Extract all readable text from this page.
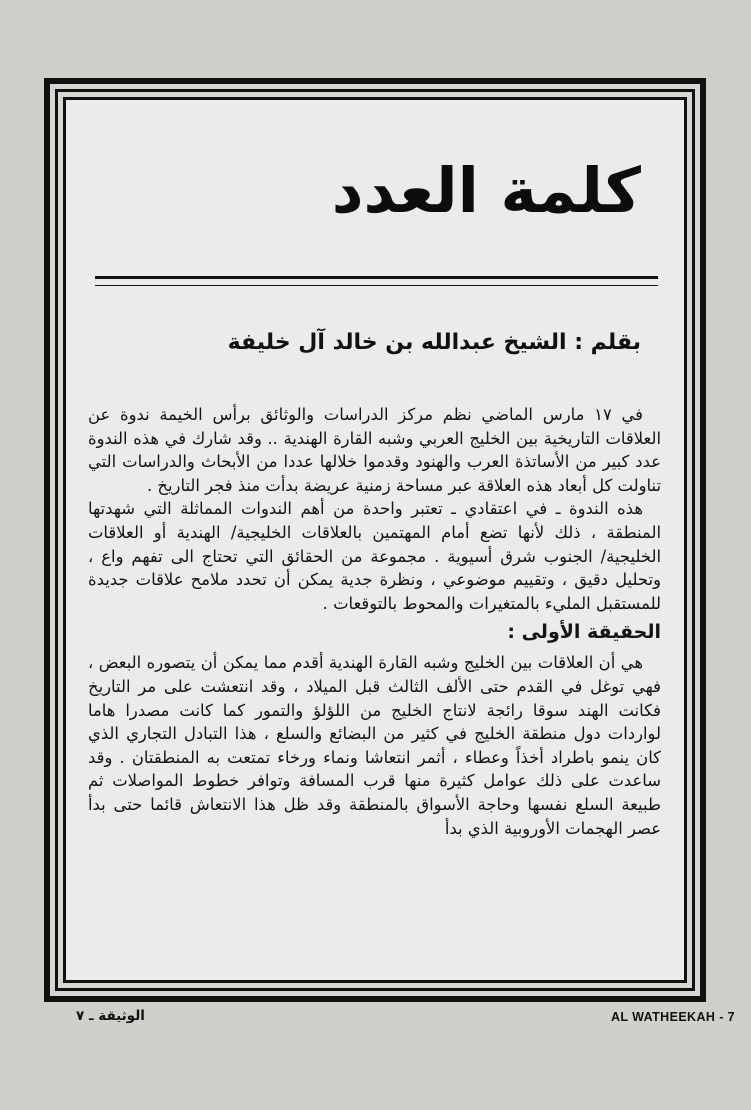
كلمة العدد
بقلم : الشيخ عبدالله بن خالد آل خليفة

في ١٧ مارس الماضي نظم مركز الدراسات والوثائق برأس الخيمة ندوة عن العلاقات التاريخية بين الخليج العربي وشبه القارة الهندية .. وقد شارك في هذه الندوة عدد كبير من الأساتذة العرب والهنود وقدموا خلالها عددا من الأبحاث والدراسات التي تناولت كل أبعاد هذه العلاقة عبر مساحة زمنية عريضة بدأت منذ فجر التاريخ .

هذه الندوة ـ في اعتقادي ـ تعتبر واحدة من أهم الندوات المماثلة التي شهدتها المنطقة ، ذلك لأنها تضع أمام المهتمين بالعلاقات الخليجية/ الهندية أو العلاقات الخليجية/ الجنوب شرق أسيوية . مجموعة من الحقائق التي تحتاج الى تفهم واع ، وتحليل دقيق ، وتقييم موضوعي ، ونظرة جدية يمكن أن تحدد ملامح علاقات جديدة للمستقبل المليء بالمتغيرات والمحوط بالتوقعات .

الحقيقة الأولى :

هي أن العلاقات بين الخليج وشبه القارة الهندية أقدم مما يمكن أن يتصوره البعض ، فهي توغل في القدم حتى الألف الثالث قبل الميلاد ، وقد انتعشت على مر التاريخ فكانت الهند سوقا رائجة لانتاج الخليج من اللؤلؤ والتمور كما كانت مصدرا هاما لواردات دول منطقة الخليج في كثير من البضائع والسلع ، هذا التبادل التجاري الذي كان ينمو باطراد أخذاً وعطاء ، أثمر انتعاشا ونماء ورخاء تمتعت به المنطقتان . وقد ساعدت على ذلك عوامل كثيرة منها قرب المسافة وتوافر خطوط المواصلات ثم طبيعة السلع نفسها وحاجة الأسواق بالمنطقة وقد ظل هذا الانتعاش قائما حتى بدأ عصر الهجمات الأوروبية الذي بدأ

AL WATHEEKAH - 7
الوثيقة ـ ٧
